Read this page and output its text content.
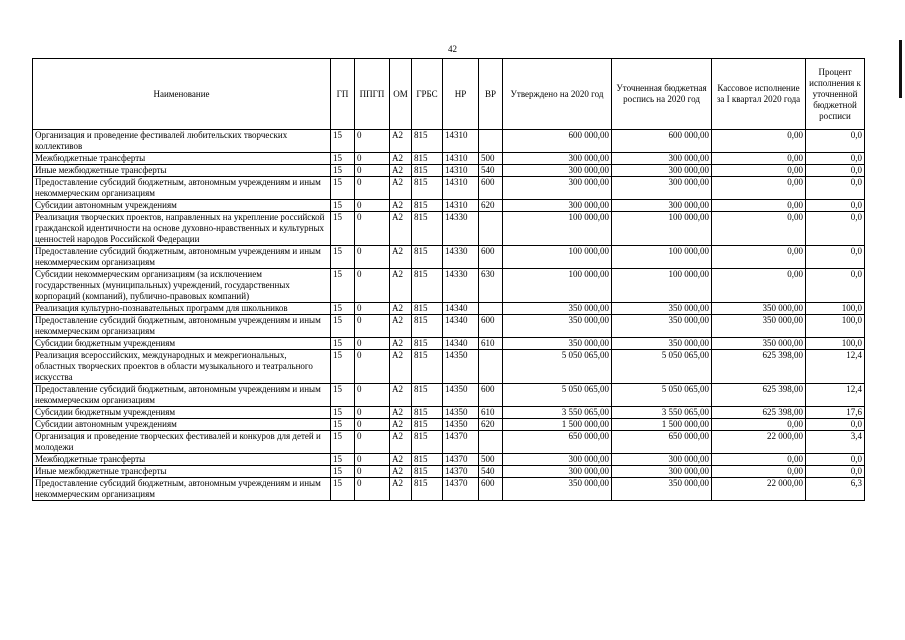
42
Наименование	ГП	ППГП	ОМ	ГРБС	НР	ВР	Утверждено на 2020 год	Уточненная бюджетная роспись на 2020 год	Кассовое исполнение за I квартал 2020 года	Процент исполнения к уточненной бюджетной росписи
Организация и проведение фестивалей любительских творческих коллективов	15	0	А2	815	14310		600 000,00	600 000,00	0,00	0,0
Межбюджетные трансферты	15	0	А2	815	14310	500	300 000,00	300 000,00	0,00	0,0
Иные межбюджетные трансферты	15	0	А2	815	14310	540	300 000,00	300 000,00	0,00	0,0
Предоставление субсидий бюджетным, автономным учреждениям и иным некоммерческим организациям	15	0	А2	815	14310	600	300 000,00	300 000,00	0,00	0,0
Субсидии автономным учреждениям	15	0	А2	815	14310	620	300 000,00	300 000,00	0,00	0,0
Реализация творческих проектов, направленных на укрепление российской гражданской идентичности на основе духовно-нравственных и культурных ценностей народов Российской Федерации	15	0	А2	815	14330		100 000,00	100 000,00	0,00	0,0
Предоставление субсидий бюджетным, автономным учреждениям и иным некоммерческим организациям	15	0	А2	815	14330	600	100 000,00	100 000,00	0,00	0,0
Субсидии некоммерческим организациям (за исключением государственных (муниципальных) учреждений, государственных корпораций (компаний), публично-правовых компаний)	15	0	А2	815	14330	630	100 000,00	100 000,00	0,00	0,0
Реализация культурно-познавательных программ для школьников	15	0	А2	815	14340		350 000,00	350 000,00	350 000,00	100,0
Предоставление субсидий бюджетным, автономным учреждениям и иным некоммерческим организациям	15	0	А2	815	14340	600	350 000,00	350 000,00	350 000,00	100,0
Субсидии бюджетным учреждениям	15	0	А2	815	14340	610	350 000,00	350 000,00	350 000,00	100,0
Реализация всероссийских, международных и межрегиональных, областных творческих проектов в области музыкального и театрального искусства	15	0	А2	815	14350		5 050 065,00	5 050 065,00	625 398,00	12,4
Предоставление субсидий бюджетным, автономным учреждениям и иным некоммерческим организациям	15	0	А2	815	14350	600	5 050 065,00	5 050 065,00	625 398,00	12,4
Субсидии бюджетным учреждениям	15	0	А2	815	14350	610	3 550 065,00	3 550 065,00	625 398,00	17,6
Субсидии автономным учреждениям	15	0	А2	815	14350	620	1 500 000,00	1 500 000,00	0,00	0,0
Организация и проведение творческих фестивалей и конкуров для детей и молодежи	15	0	А2	815	14370		650 000,00	650 000,00	22 000,00	3,4
Межбюджетные трансферты	15	0	А2	815	14370	500	300 000,00	300 000,00	0,00	0,0
Иные межбюджетные трансферты	15	0	А2	815	14370	540	300 000,00	300 000,00	0,00	0,0
Предоставление субсидий бюджетным, автономным учреждениям и иным некоммерческим организациям	15	0	А2	815	14370	600	350 000,00	350 000,00	22 000,00	6,3
